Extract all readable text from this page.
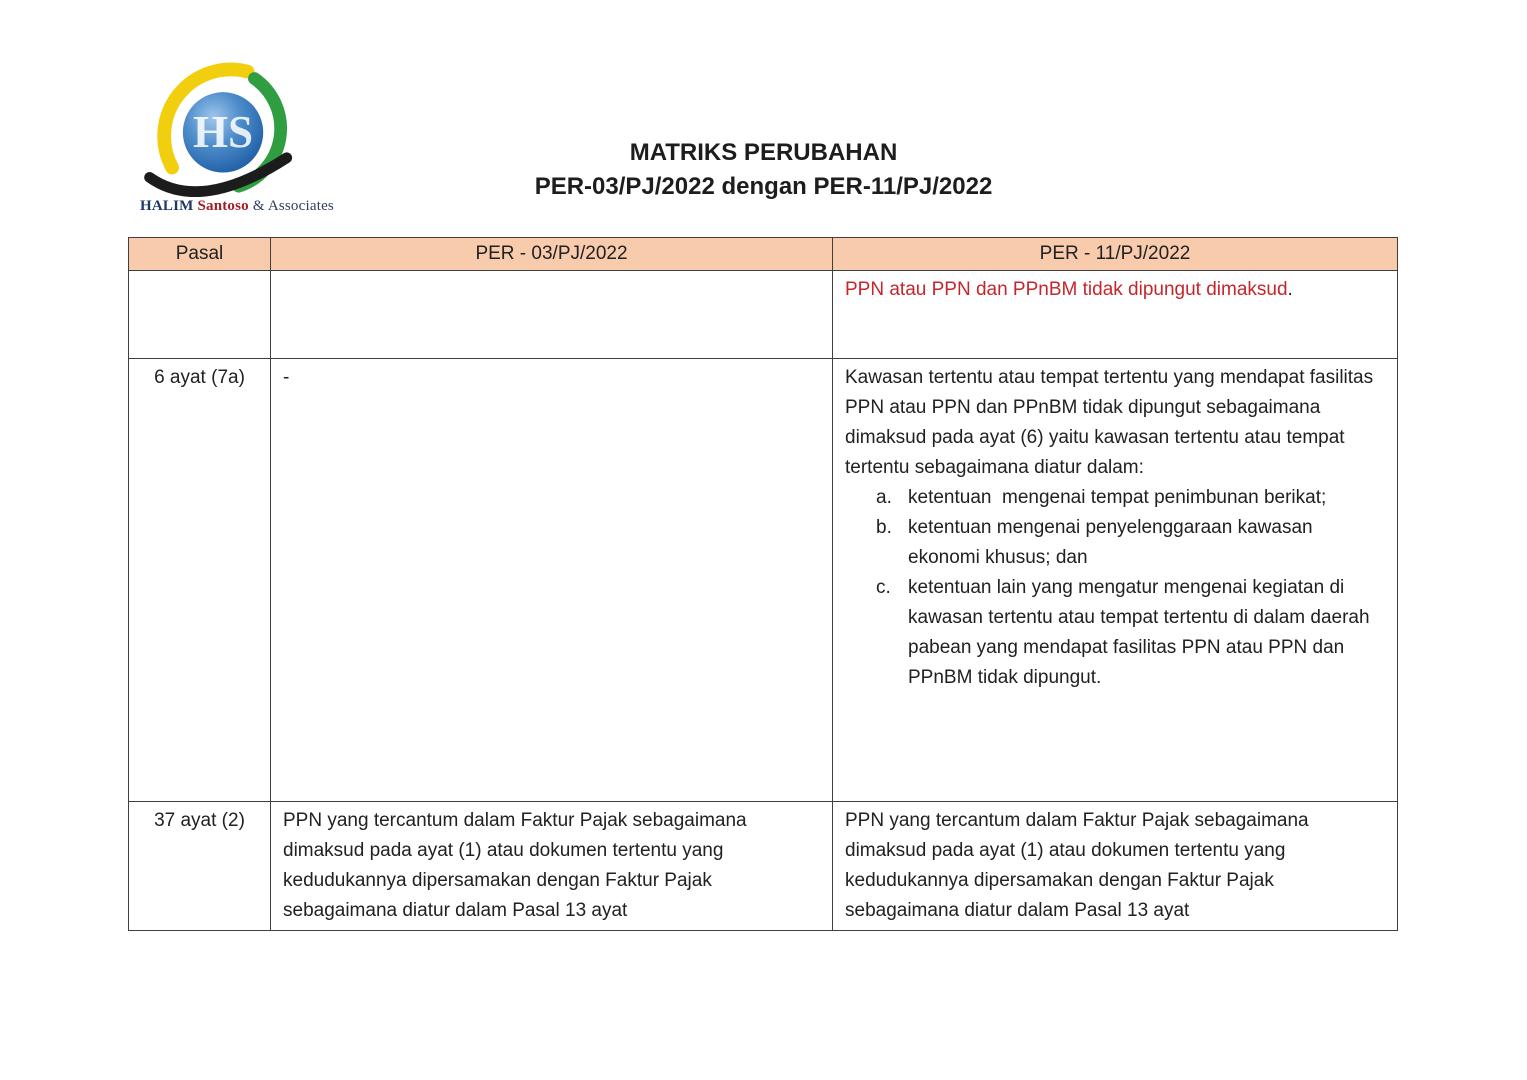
HS
HALIM Santoso & Associates
MATRIKS PERUBAHAN
PER-03/PJ/2022 dengan PER-11/PJ/2022
Pasal	PER - 03/PJ/2022	PER - 11/PJ/2022
		PPN atau PPN dan PPnBM tidak dipungut dimaksud.
6 ayat (7a)	-	Kawasan tertentu atau tempat tertentu yang mendapat fasilitas PPN atau PPN dan PPnBM tidak dipungut sebagaimana dimaksud pada ayat (6) yaitu kawasan tertentu atau tempat tertentu sebagaimana diatur dalam:
a. ketentuan  mengenai tempat penimbunan berikat;
b. ketentuan mengenai penyelenggaraan kawasan ekonomi khusus; dan
c. ketentuan lain yang mengatur mengenai kegiatan di kawasan tertentu atau tempat tertentu di dalam daerah pabean yang mendapat fasilitas PPN atau PPN dan PPnBM tidak dipungut.

37 ayat (2)	PPN yang tercantum dalam Faktur Pajak sebagaimana dimaksud pada ayat (1) atau dokumen tertentu yang kedudukannya dipersamakan dengan Faktur Pajak sebagaimana diatur dalam Pasal 13 ayat	PPN yang tercantum dalam Faktur Pajak sebagaimana dimaksud pada ayat (1) atau dokumen tertentu yang kedudukannya dipersamakan dengan Faktur Pajak sebagaimana diatur dalam Pasal 13 ayat
